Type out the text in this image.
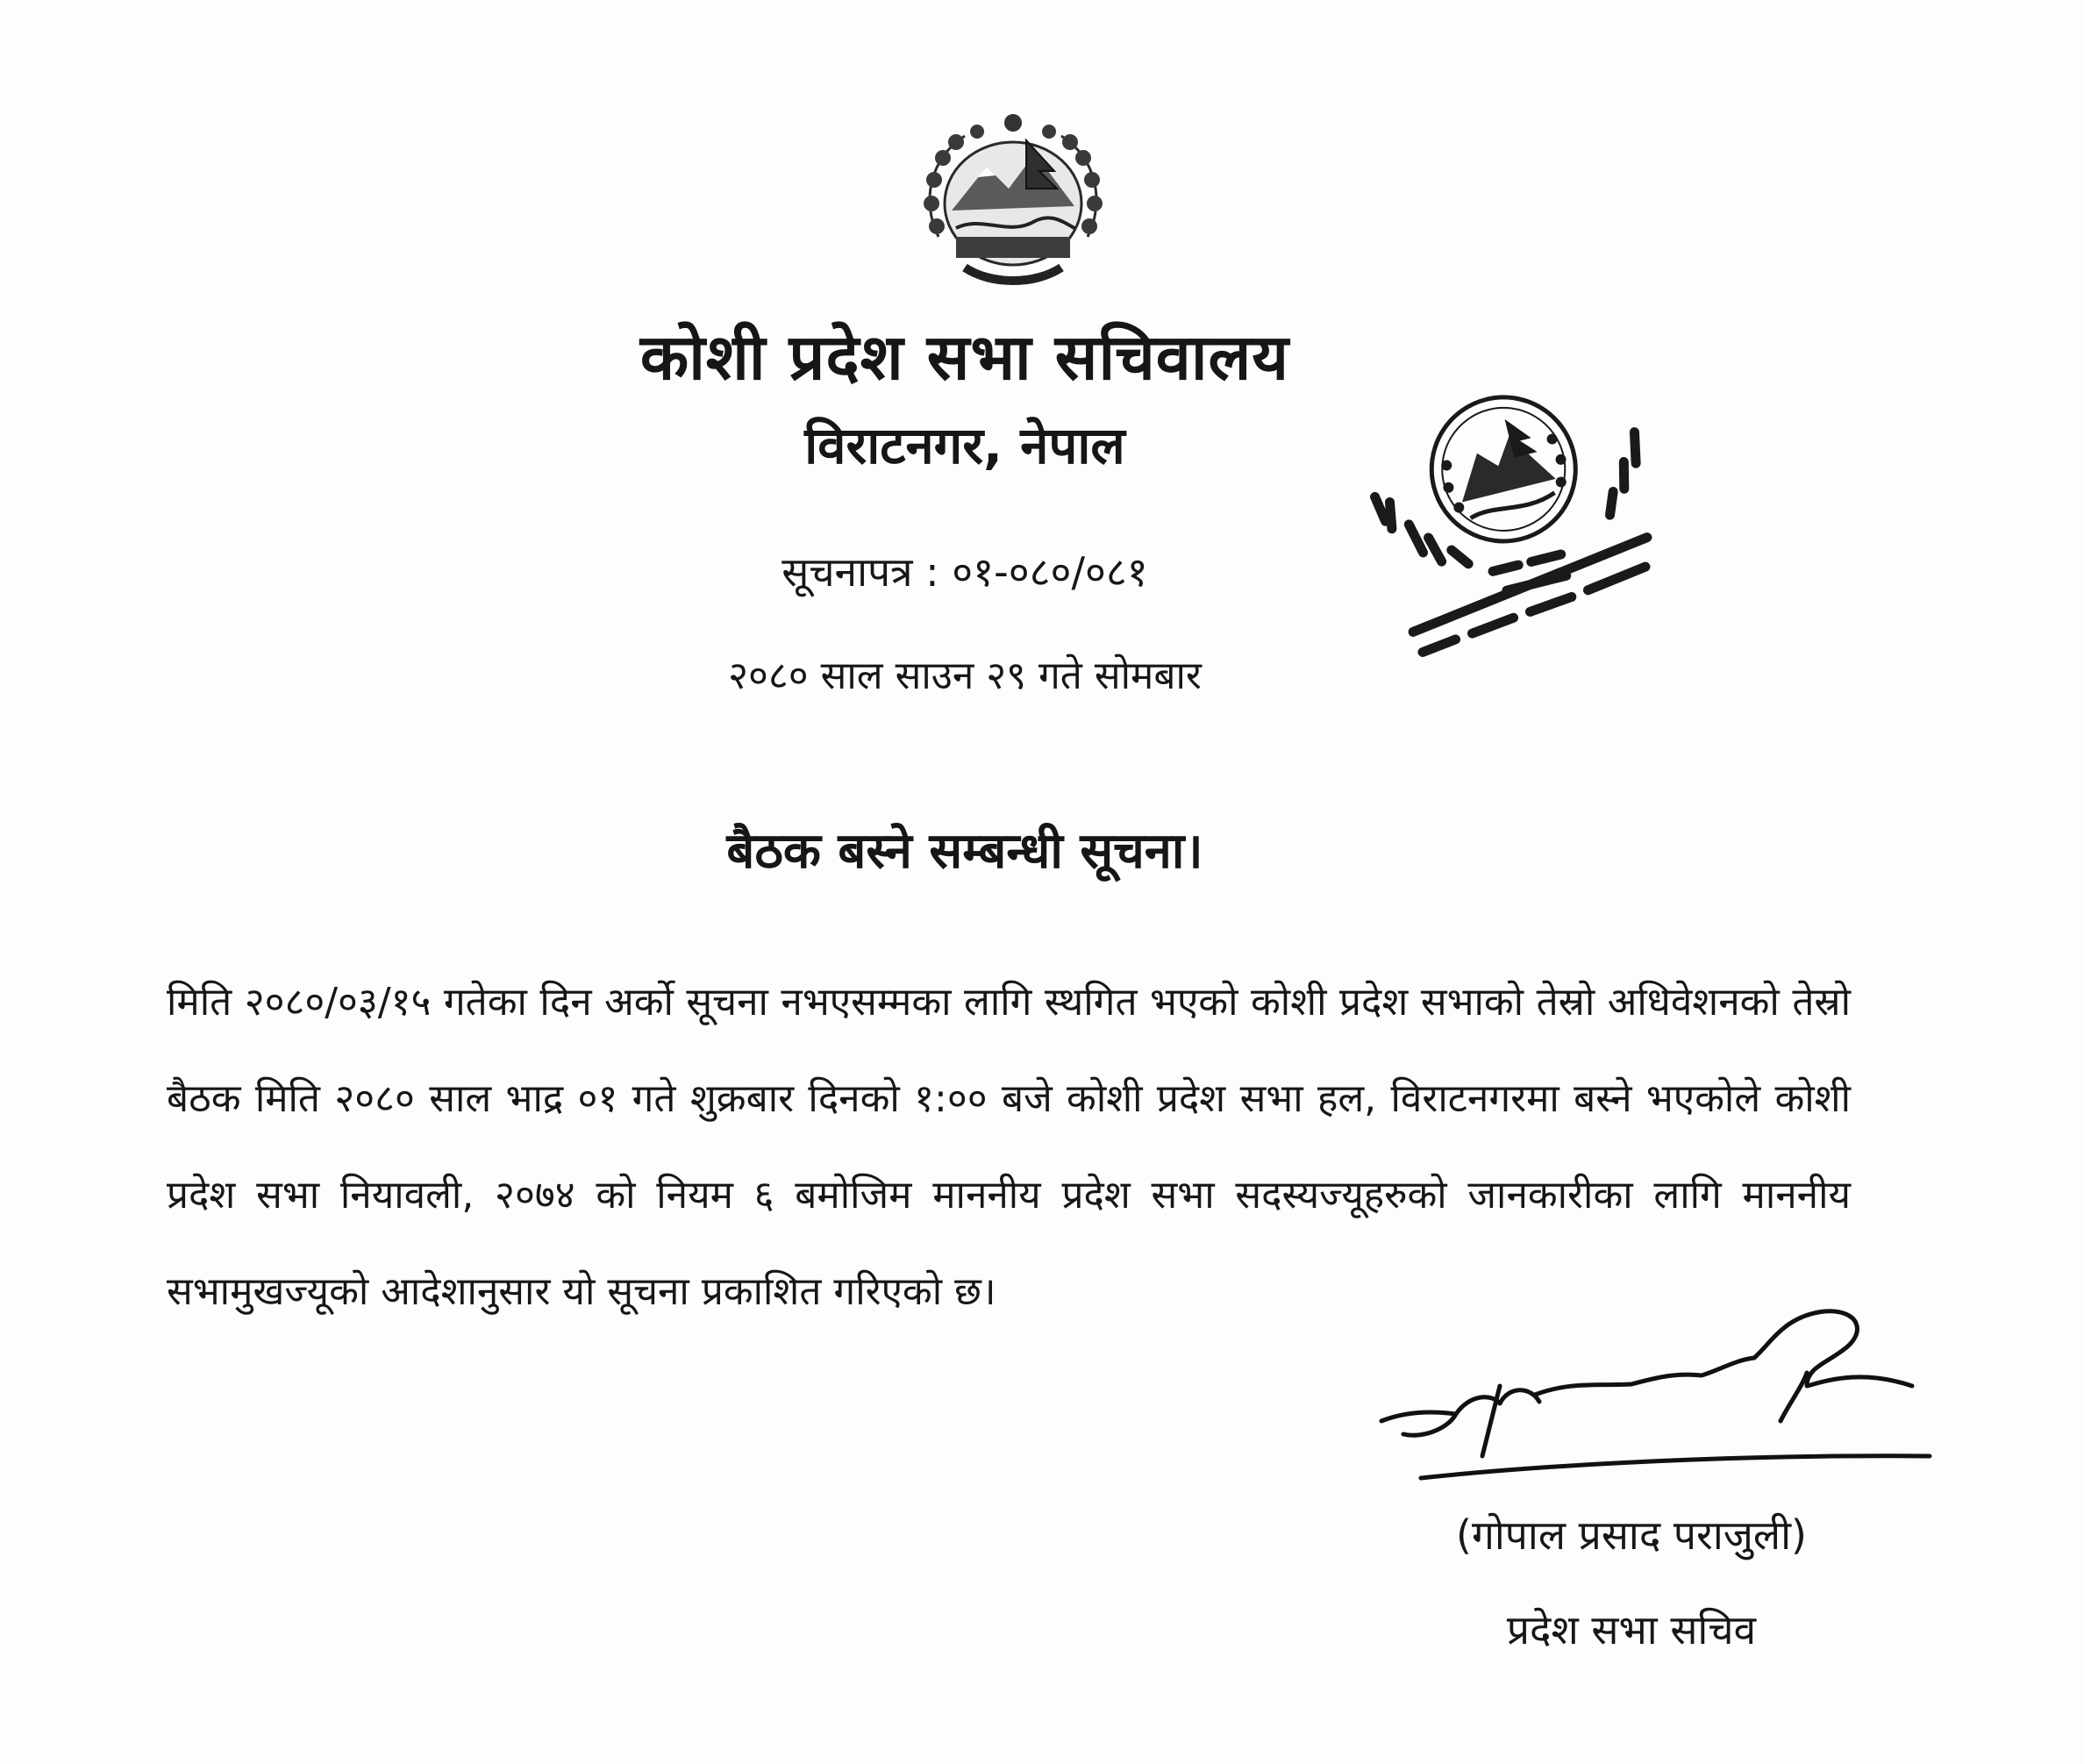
कोशी प्रदेश सभा सचिवालय
विराटनगर, नेपाल
सूचनापत्र : ०१-०८०/०८१
२०८० साल साउन २९ गते सोमबार
बैठक बस्ने सम्बन्धी सूचना।
मिति २०८०/०३/१५ गतेका दिन अर्को सूचना नभएसम्मका लागि स्थगित भएको कोशी प्रदेश सभाको तेस्रो अधिवेशनको तेस्रो बैठक मिति २०८० साल भाद्र ०१ गते शुक्रबार दिनको १:०० बजे कोशी प्रदेश सभा हल, विराटनगरमा बस्ने भएकोले कोशी प्रदेश सभा नियावली, २०७४ को नियम ६ बमोजिम माननीय प्रदेश सभा सदस्यज्यूहरुको जानकारीका लागि माननीय सभामुखज्यूको आदेशानुसार यो सूचना प्रकाशित गरिएको छ।
(गोपाल प्रसाद पराजुली)
प्रदेश सभा सचिव
